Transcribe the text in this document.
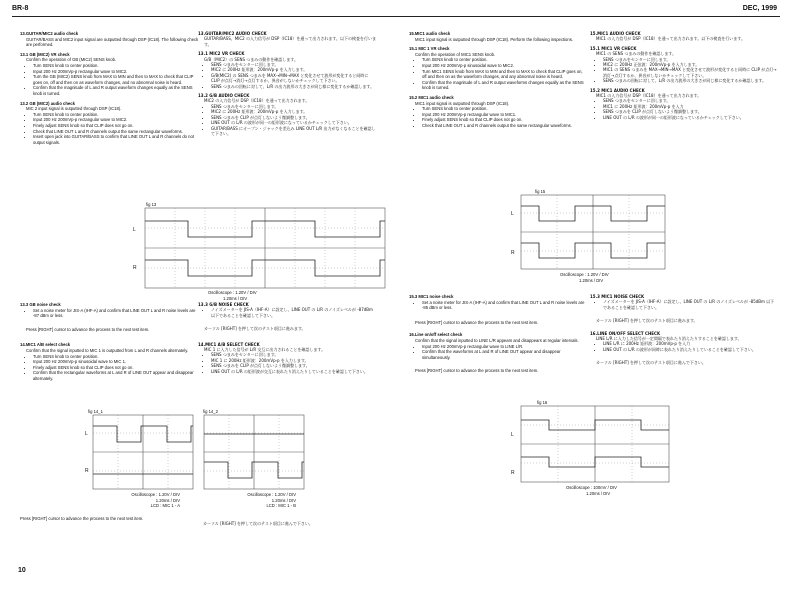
BR-8	DEC, 1999
13.GUITAR/MIC2 audio check
GUITAR/BASS and MIC2 input signal are outputted through DSP (IC18). The following check are performed.
13.1 GB (MIC2) VR check
Confirm the operation of GB (MIC2) SENS knob.
• Turn SENS knob to center position.
• Input 200 Hz 200mVp-p rectangular wave to MIC2.
• Turn the GB (MIC2) SENS knob from MAX to MIN and then to MAX to check that CLIP goes on, off and then on as waveform changes, and no abnormal noise is heard.
• Confirm that the magnitude of L and R output waveform changes equally as the SENS knob is turned.
13.2 GB (MIC2) audio check
MIC 2 input signal is outputted through DSP (IC18).
• Turn SENS knob to center position.
• Input 200 Hz 200mVp-p rectangular wave to MIC2.
• Finely adjust SENS knob so that CLIP does not go on.
• Check that LINE OUT L and R channels output the same rectangular waveforms.
• Insert open jack into GUITAR/BASS to confirm that LINE OUT L and R channels do not output signals.
13.GUITAR/MIC2 AUDIO CHECK
GUITAR/BASS、MIC2 の入力信号が DSP（IC18）を通って出力されます。以下の検査を行います。
13.1 MIC2 VR CHECK
G/B（MIC2）の SENS つまみの動作を確認します。
• SENS つまみをセンターに回します。
• MIC2 に 200Hz 矩形波：200mVp-p を入力します。
• G/B(MIC2) の SENS つまみを MAX→MIN→MAX と変化させて波形が変化すると同時に CLIP が点灯→消灯→点灯するか、異音がしないかチェックして下さい。
• SENS つまみの回転に対して、L/R の出力波形の大きさが同じ様に変化するか確認します。
13.2 G/B AUDIO CHECK
MIC2 の入力信号が DSP（IC18）を通って出力されます。
• SENS つまみをセンターに回します。
• MIC2 に 200Hz 矩形波：200mVp-p を入力します。
• SENS つまみを CLIP が点灯しないよう微調整します。
• LINE OUT の L/R の波形が同一の矩形波になっているかチェックして下さい。
• GUITAR/BASS にオープン・ジャックを差込み LINE OUT L/R 出力がなくなることを確認して下さい。
fig 13
L
R
Oscilloscope : 1.20V / DIV
1.20ms / DIV
13.3 GB noise check
• Set a noise meter for JIS-A (IHF-A) and confirm that LINE OUT L and R noise levels are -87 dBm or less.
Press [RIGHT] cursor to advance the process to the next test item.
14.MIC1 A/B select check
Confirm that the signal inputted to MIC 1 is outputted from L and R channels alternately.
• Turn SENS knob to center position.
• Input 200 Hz 200mVp-p sinusoidal wave to MIC 1.
• Finely adjust SENS knob so that CLIP does not go on.
• Confirm that the rectangular waveforms at L and R of LINE OUT appear and disappear alternately.
13.3 G/B NOISE CHECK
• ノイズメーターを JIS-A（IHF-A）に設定し、LINE OUT の L/R のノイズレベルが -87dBm 以下であることを確認して下さい。
カーソル [RIGHT] を押して次のテスト項目に進みます。
14.MIC1 A/B SELECT CHECK
MIC 1 に入力した信号が L/R 交互に出力されることを確認します。
• SENS つまみをセンターに回します。
• MIC 1 に 200Hz 矩形波：200mVp-p を入力します。
• SENS つまみを CLIP が点灯しないよう微調整します。
• LINE OUT の L/R の矩形波が交互に表れたり消えたりしていることを確認して下さい。
fig 14_1
L
R
Oscilloscope : 1.20V / DIV
1.20ms / DIV
LCD : MIC 1 - A
fig 14_2
Oscilloscope : 1.20V / DIV
1.20ms / DIV
LCD : MIC 1 - B
Press [RIGHT] cursor to advance the process to the next test item.
カーソル [RIGHT] を押して次のテスト項目に進んで下さい。
10
15.MIC1 audio check
MIC1 input signal is outputted through DSP (IC18). Perform the following inspections.
15.1 MIC 1 VR check
Confirm the operation of MIC1 SENS knob.
• Turn SENS knob to center position.
• Input 200 Hz 200mVp-p sinusoidal wave to MIC2.
• Turn MIC1 SENS knob from MAX to MIN and then to MAX to check that CLIP goes on, off and then on as the waveform changes, and any abnormal noise is heard.
• Confirm that the magnitude of L and R output waveforms changes equally as the SENS knob is turned.
15.2 MIC1 audio check
MIC1 input signal is outputted through DSP (IC18).
• Turn SENS knob to center position.
• Input 200 Hz 200mVp-p rectangular wave to MIC1.
• Finely adjust SENS knob so that CLIP does not go on.
• Check that LINE OUT L and R channels output the same rectangular waveforms.
15.MIC1 AUDIO CHECK
MIC1 の入力信号が DSP（IC18）を通って出力されます。以下の検査を行います。
15.1 MIC1 VR CHECK
MIC1 の SENS つまみの動作を確認します。
• SENS つまみをセンターに回します。
• MIC2 に 200Hz 正弦波：200mVp-p を入力します。
• MIC1 の SENS つまみを MAX→MIN→MAX と変化させて波形が変化すると同時に CLIP が点灯→消灯→点灯するか、異音がしないかチェックして下さい。
• SENS つまみの回転に対して、L/R の出力波形の大きさが同じ様に変化するか確認します。
15.2 MIC1 AUDIO CHECK
MIC1 の入力信号が DSP（IC18）を通って出力されます。
• SENS つまみをセンターに回します。
• MIC1 に 200Hz 矩形波：200mVp-p を入力
• SENS つまみを CLIP が点灯しないよう微調整します。
• LINE OUT の L/R の波形が同一の矩形波になっているかチェックして下さい。
fig 15
L
R
Oscilloscope : 1.20V / DIV
1.20ms / DIV
15.3 MIC1 noise check
• Set a noise meter for JIS-A (IHF-A) and confirm that LINE OUT L and R noise levels are -85 dBm or less.
Press [RIGHT] cursor to advance the process to the next test item.
16.Line on/off select check
Confirm that the signal inputted to LINE L/R appears and disappears at regular intervals.
• Input 200 Hz 200mVp-p rectangular wave to LINE L/R.
• Confirm that the waveforms at L and R of LINE OUT appear and disappear simultaneously.
Press [RIGHT] cursor to advance the process to the next test item.
15.3 MIC1 NOISE CHECK
• ノイズメーターを JIS-A（IHF-A）に設定し、LINE OUT の L/R のノイズレベルが -85dBm 以下であることを確認して下さい。
カーソル [RIGHT] を押して次のテスト項目に進みます。
16.LINE ON/OFF SELECT CHECK
LINE L/R に入力した信号が一定間隔で表れたり消えたりすることを確認します。
• LINE L/R に 200Hz 矩形波：200mVp-p を入力
• LINE OUT の L/R の波形が同時に表れたり消えたりしていることを確認して下さい。
カーソル [RIGHT] を押して次のテスト項目に進んで下さい。
fig 16
L
R
Oscilloscope : 100mV / DIV
1.20ms / DIV
